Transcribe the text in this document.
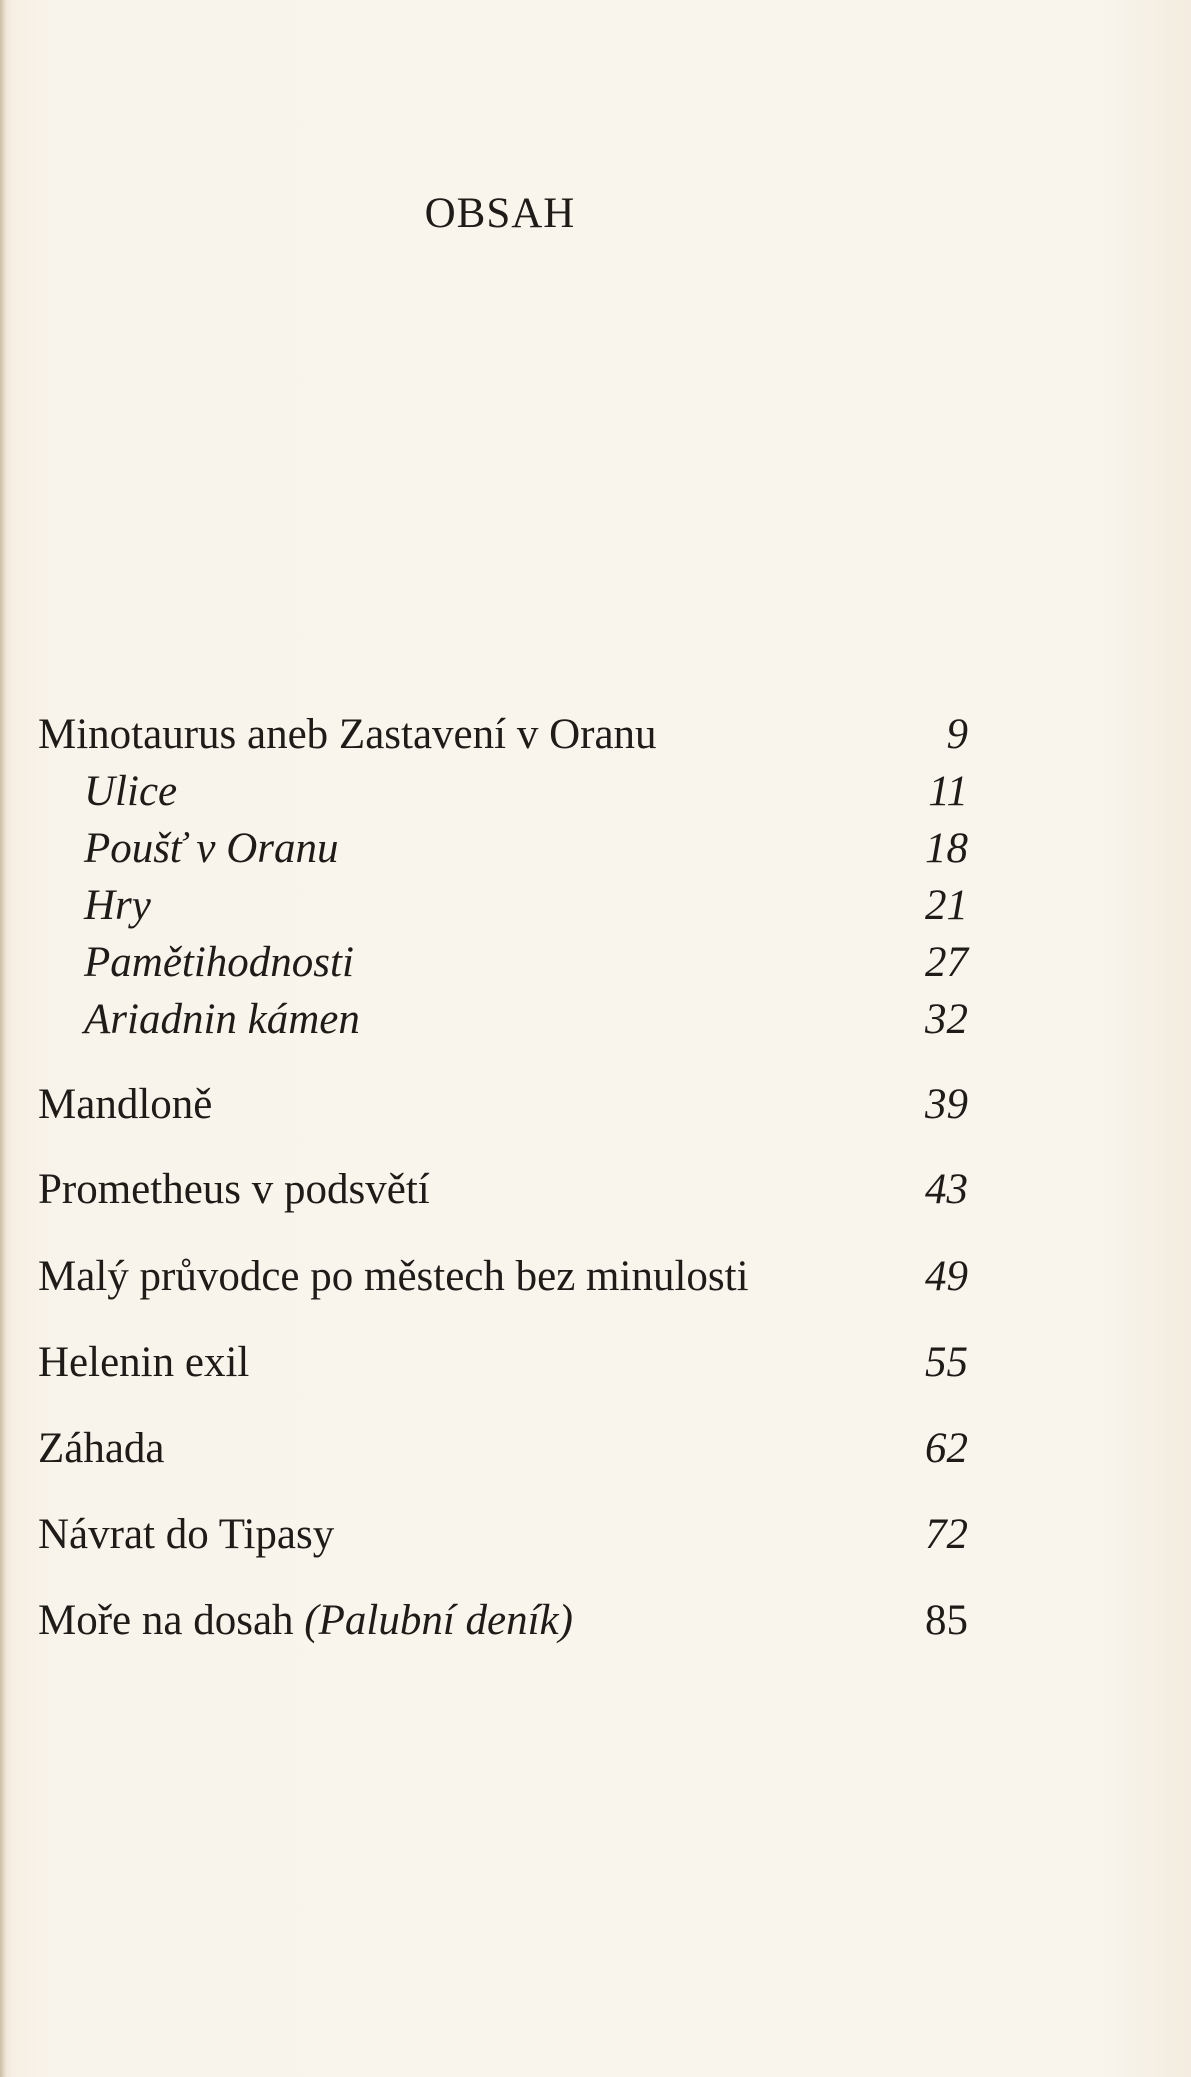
OBSAH
Minotaurus aneb Zastavení v Oranu	9
Ulice	11
Poušť v Oranu	18
Hry	21
Pamětihodnosti	27
Ariadnin kámen	32
Mandloně	39
Prometheus v podsvětí	43
Malý průvodce po městech bez minulosti	49
Helenin exil	55
Záhada	62
Návrat do Tipasy	72
Moře na dosah (Palubní deník)	85
